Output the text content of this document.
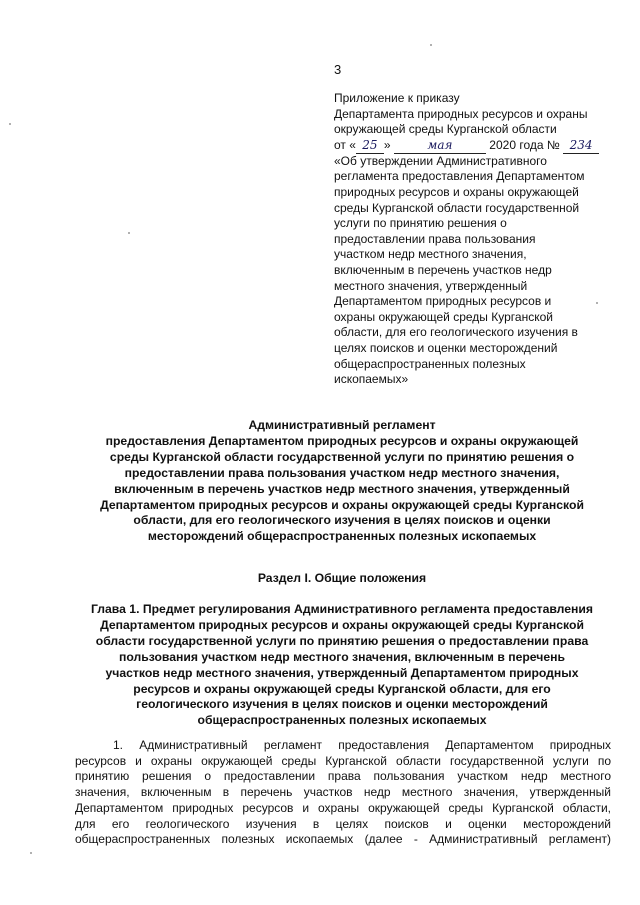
3
Приложение к приказу
Департамента природных ресурсов и охраны
окружающей среды Курганской области
от « 25 »	мая	2020 года № 234
«Об утверждении Административного
регламента предоставления Департаментом
природных ресурсов и охраны окружающей
среды Курганской области государственной
услуги по принятию решения о
предоставлении права пользования
участком недр местного значения,
включенным в перечень участков недр
местного значения, утвержденный
Департаментом природных ресурсов и
охраны окружающей среды Курганской
области, для его геологического изучения в
целях поисков и оценки месторождений
общераспространенных полезных
ископаемых»
Административный регламент
предоставления Департаментом природных ресурсов и охраны окружающей
среды Курганской области государственной услуги по принятию решения о
предоставлении права пользования участком недр местного значения,
включенным в перечень участков недр местного значения, утвержденный
Департаментом природных ресурсов и охраны окружающей среды Курганской
области, для его геологического изучения в целях поисков и оценки
месторождений общераспространенных полезных ископаемых
Раздел I. Общие положения
Глава 1. Предмет регулирования Административного регламента предоставления
Департаментом природных ресурсов и охраны окружающей среды Курганской
области государственной услуги по принятию решения о предоставлении права
пользования участком недр местного значения, включенным в перечень
участков недр местного значения, утвержденный Департаментом природных
ресурсов и охраны окружающей среды Курганской области, для его
геологического изучения в целях поисков и оценки месторождений
общераспространенных полезных ископаемых
1. Административный регламент предоставления Департаментом природных
ресурсов и охраны окружающей среды Курганской области государственной услуги по
принятию решения о предоставлении права пользования участком недр местного
значения, включенным в перечень участков недр местного значения, утвержденный
Департаментом природных ресурсов и охраны окружающей среды Курганской области,
для его геологического изучения в целях поисков и оценки месторождений
общераспространенных полезных ископаемых (далее - Административный регламент)
